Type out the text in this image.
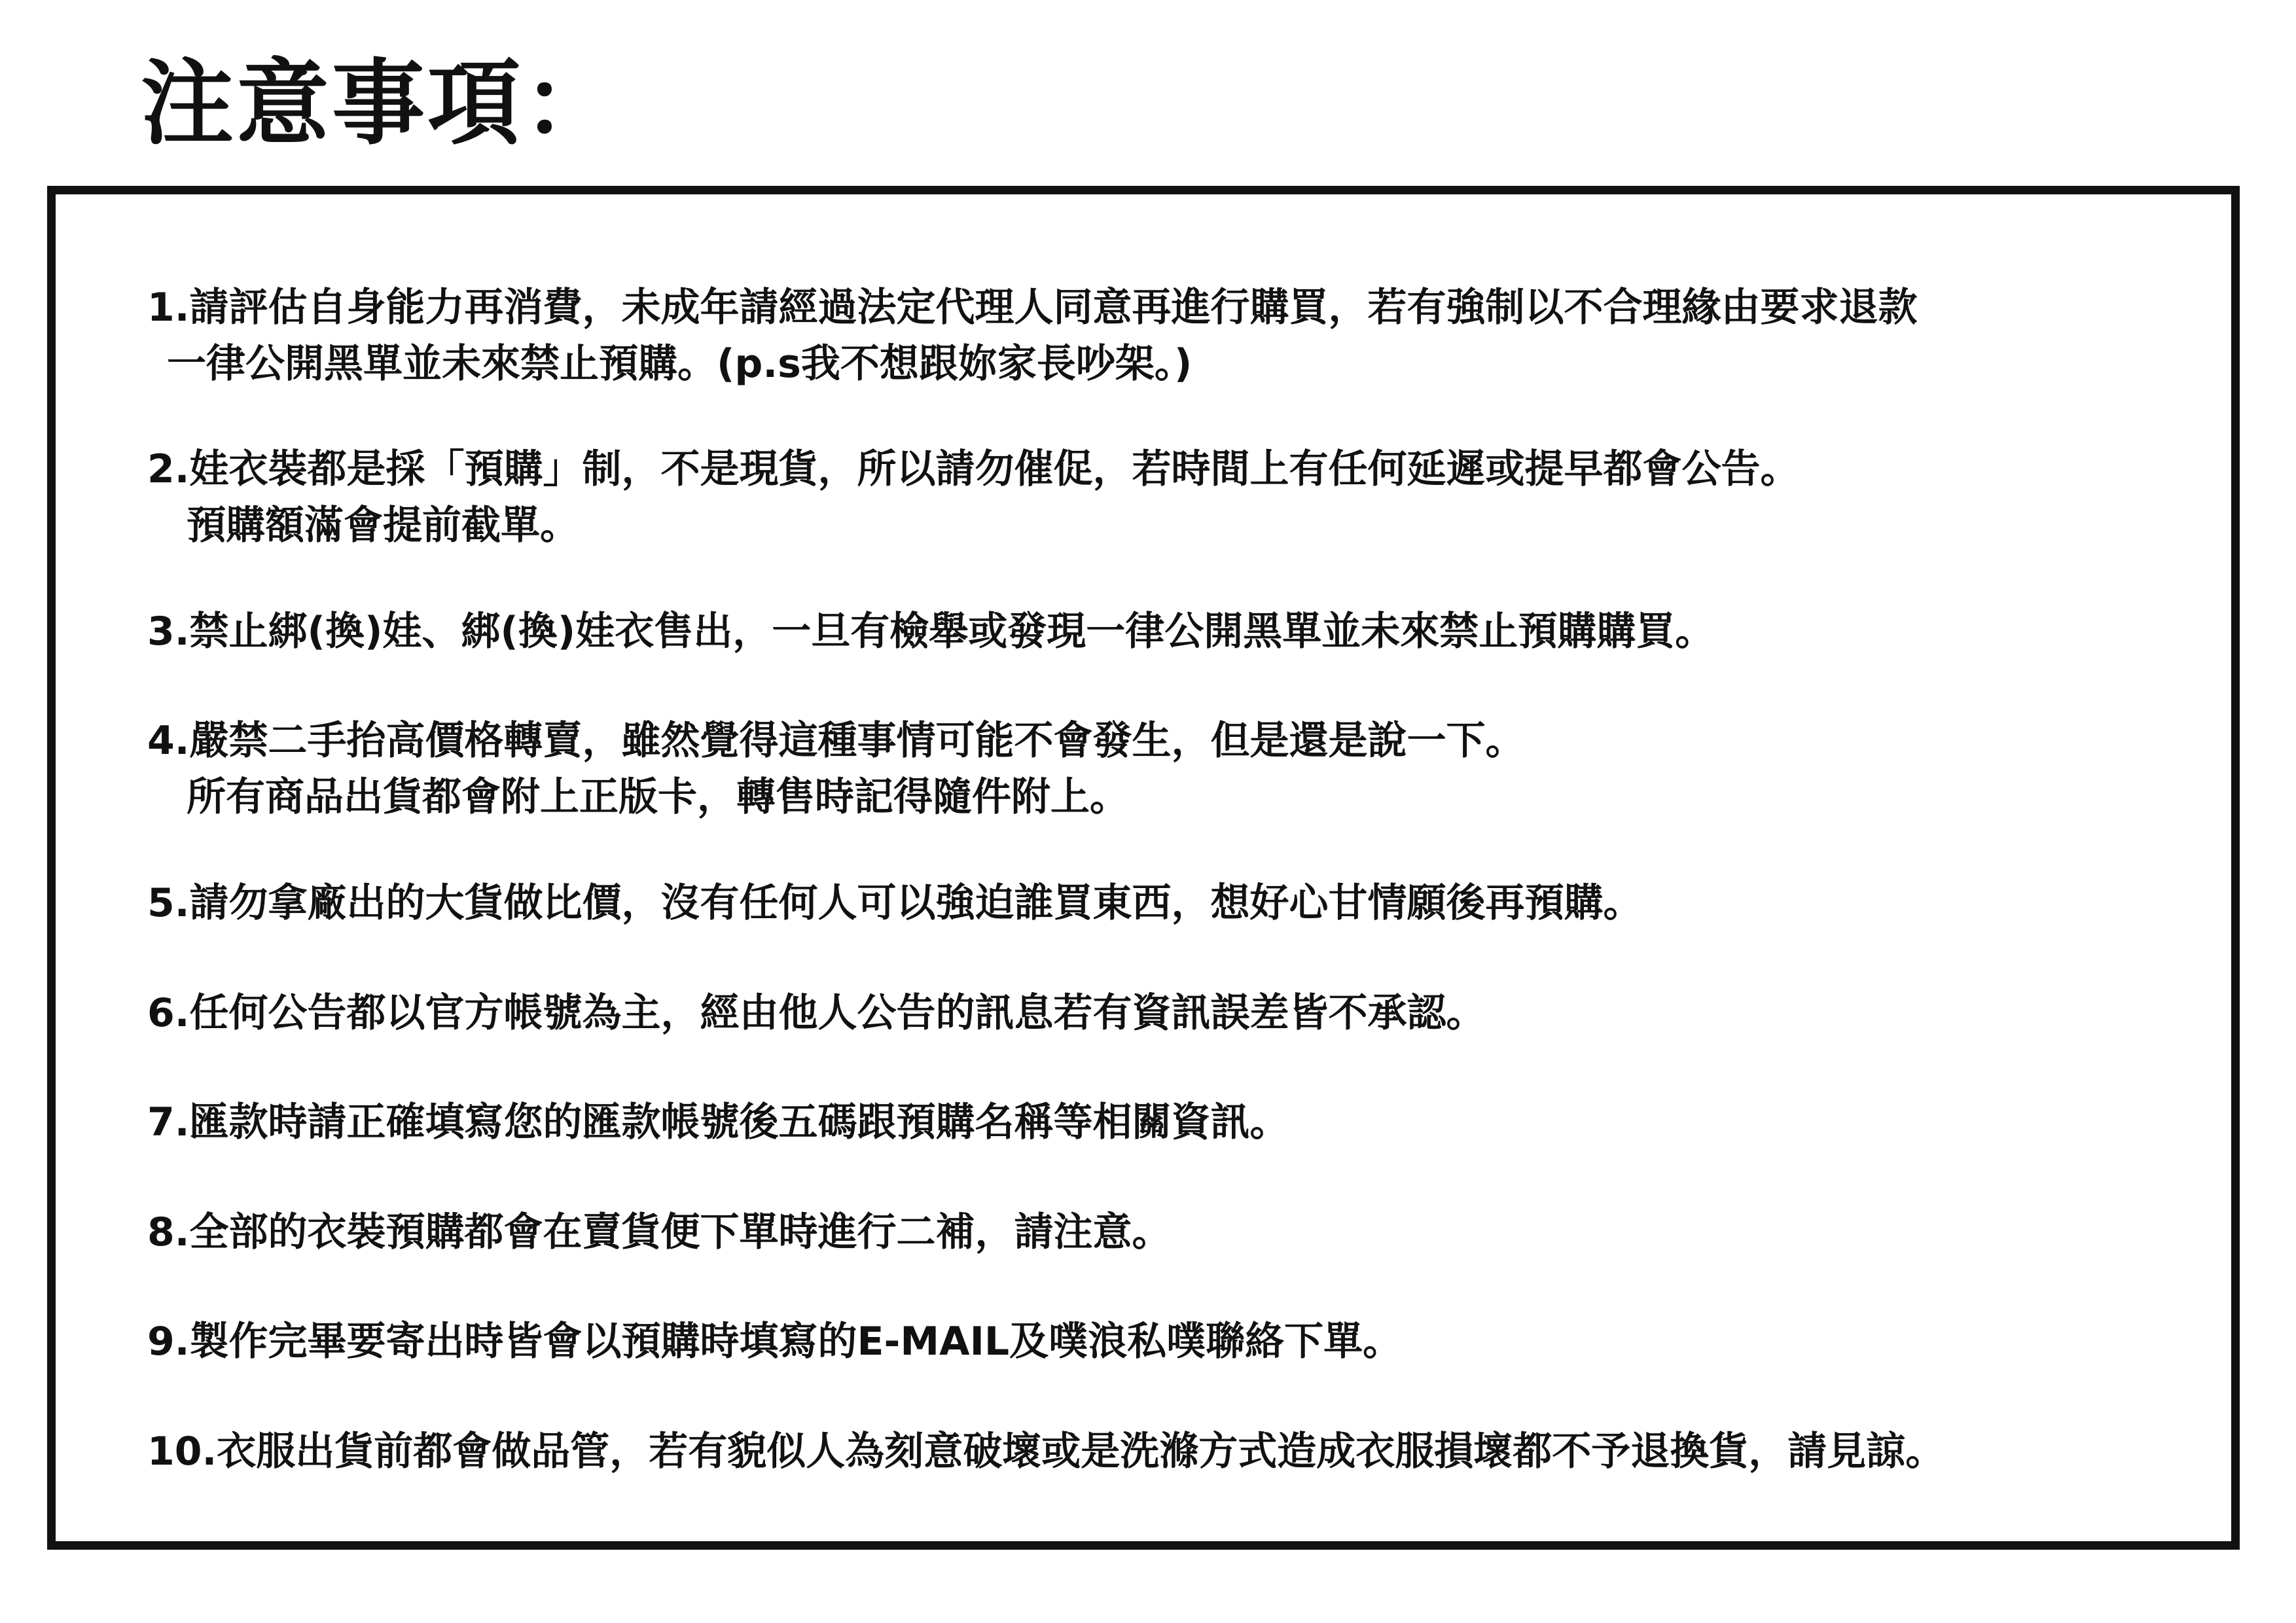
注意事項：
1.請評估自身能力再消費，未成年請經過法定代理人同意再進行購買，若有強制以不合理緣由要求退款
一律公開黑單並未來禁止預購。(p.s我不想跟妳家長吵架。)
2.娃衣裝都是採「預購」制，不是現貨，所以請勿催促，若時間上有任何延遲或提早都會公告。
預購額滿會提前截單。
3.禁止綁(換)娃、綁(換)娃衣售出，一旦有檢舉或發現一律公開黑單並未來禁止預購購買。
4.嚴禁二手抬高價格轉賣，雖然覺得這種事情可能不會發生，但是還是說一下。
所有商品出貨都會附上正版卡，轉售時記得隨件附上。
5.請勿拿廠出的大貨做比價，沒有任何人可以強迫誰買東西，想好心甘情願後再預購。
6.任何公告都以官方帳號為主，經由他人公告的訊息若有資訊誤差皆不承認。
7.匯款時請正確填寫您的匯款帳號後五碼跟預購名稱等相關資訊。
8.全部的衣裝預購都會在賣貨便下單時進行二補，請注意。
9.製作完畢要寄出時皆會以預購時填寫的E-MAIL及噗浪私噗聯絡下單。
10.衣服出貨前都會做品管，若有貌似人為刻意破壞或是洗滌方式造成衣服損壞都不予退換貨，請見諒。
